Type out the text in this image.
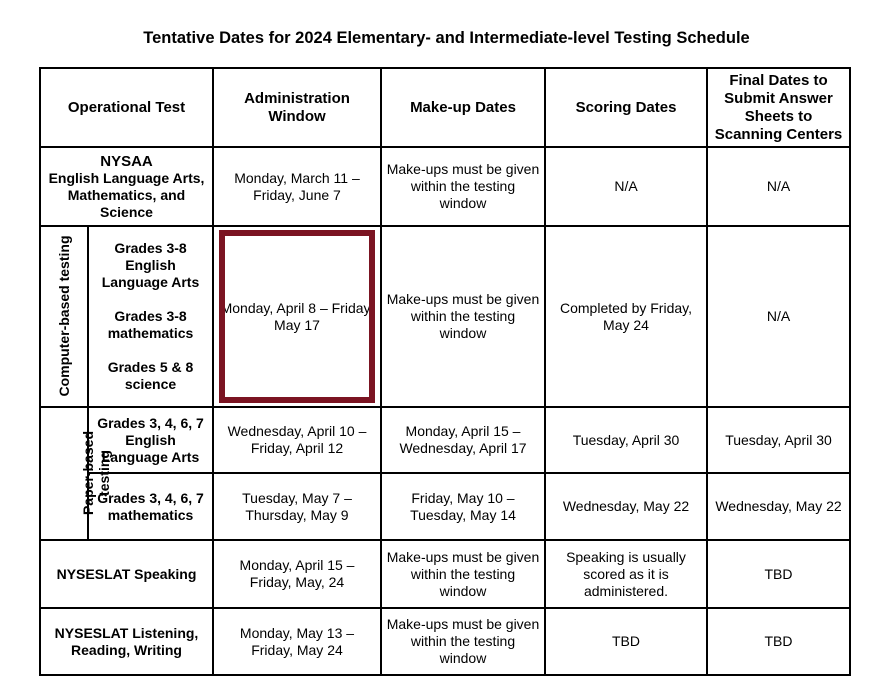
Tentative Dates for 2024 Elementary- and Intermediate-level Testing Schedule
Operational Test		Administration Window	Make-up Dates	Scoring Dates	Final Dates to Submit Answer Sheets to Scanning Centers

NYSAA
English Language Arts, Mathematics, and Science		Monday, March 11 – Friday, June 7	Make-ups must be given within the testing window	N/A	N/A

Computer-based testing	Grades 3-8 English Language Arts
Grades 3-8 mathematics
Grades 5 & 8 science	Monday, April 8 – Friday, May 17	Make-ups must be given within the testing window	Completed by Friday, May 24	N/A

Paper-based testing	Grades 3, 4, 6, 7 English Language Arts	Wednesday, April 10 – Friday, April 12	Monday, April 15 – Wednesday, April 17	Tuesday, April 30	Tuesday, April 30
	Grades 3, 4, 6, 7 mathematics	Tuesday, May 7 – Thursday, May 9	Friday, May 10 – Tuesday, May 14	Wednesday, May 22	Wednesday, May 22
NYSESLAT Speaking		Monday, April 15 – Friday, May, 24	Make-ups must be given within the testing window	Speaking is usually scored as it is administered.	TBD
NYSESLAT Listening, Reading, Writing		Monday, May 13 – Friday, May 24	Make-ups must be given within the testing window	TBD	TBD
